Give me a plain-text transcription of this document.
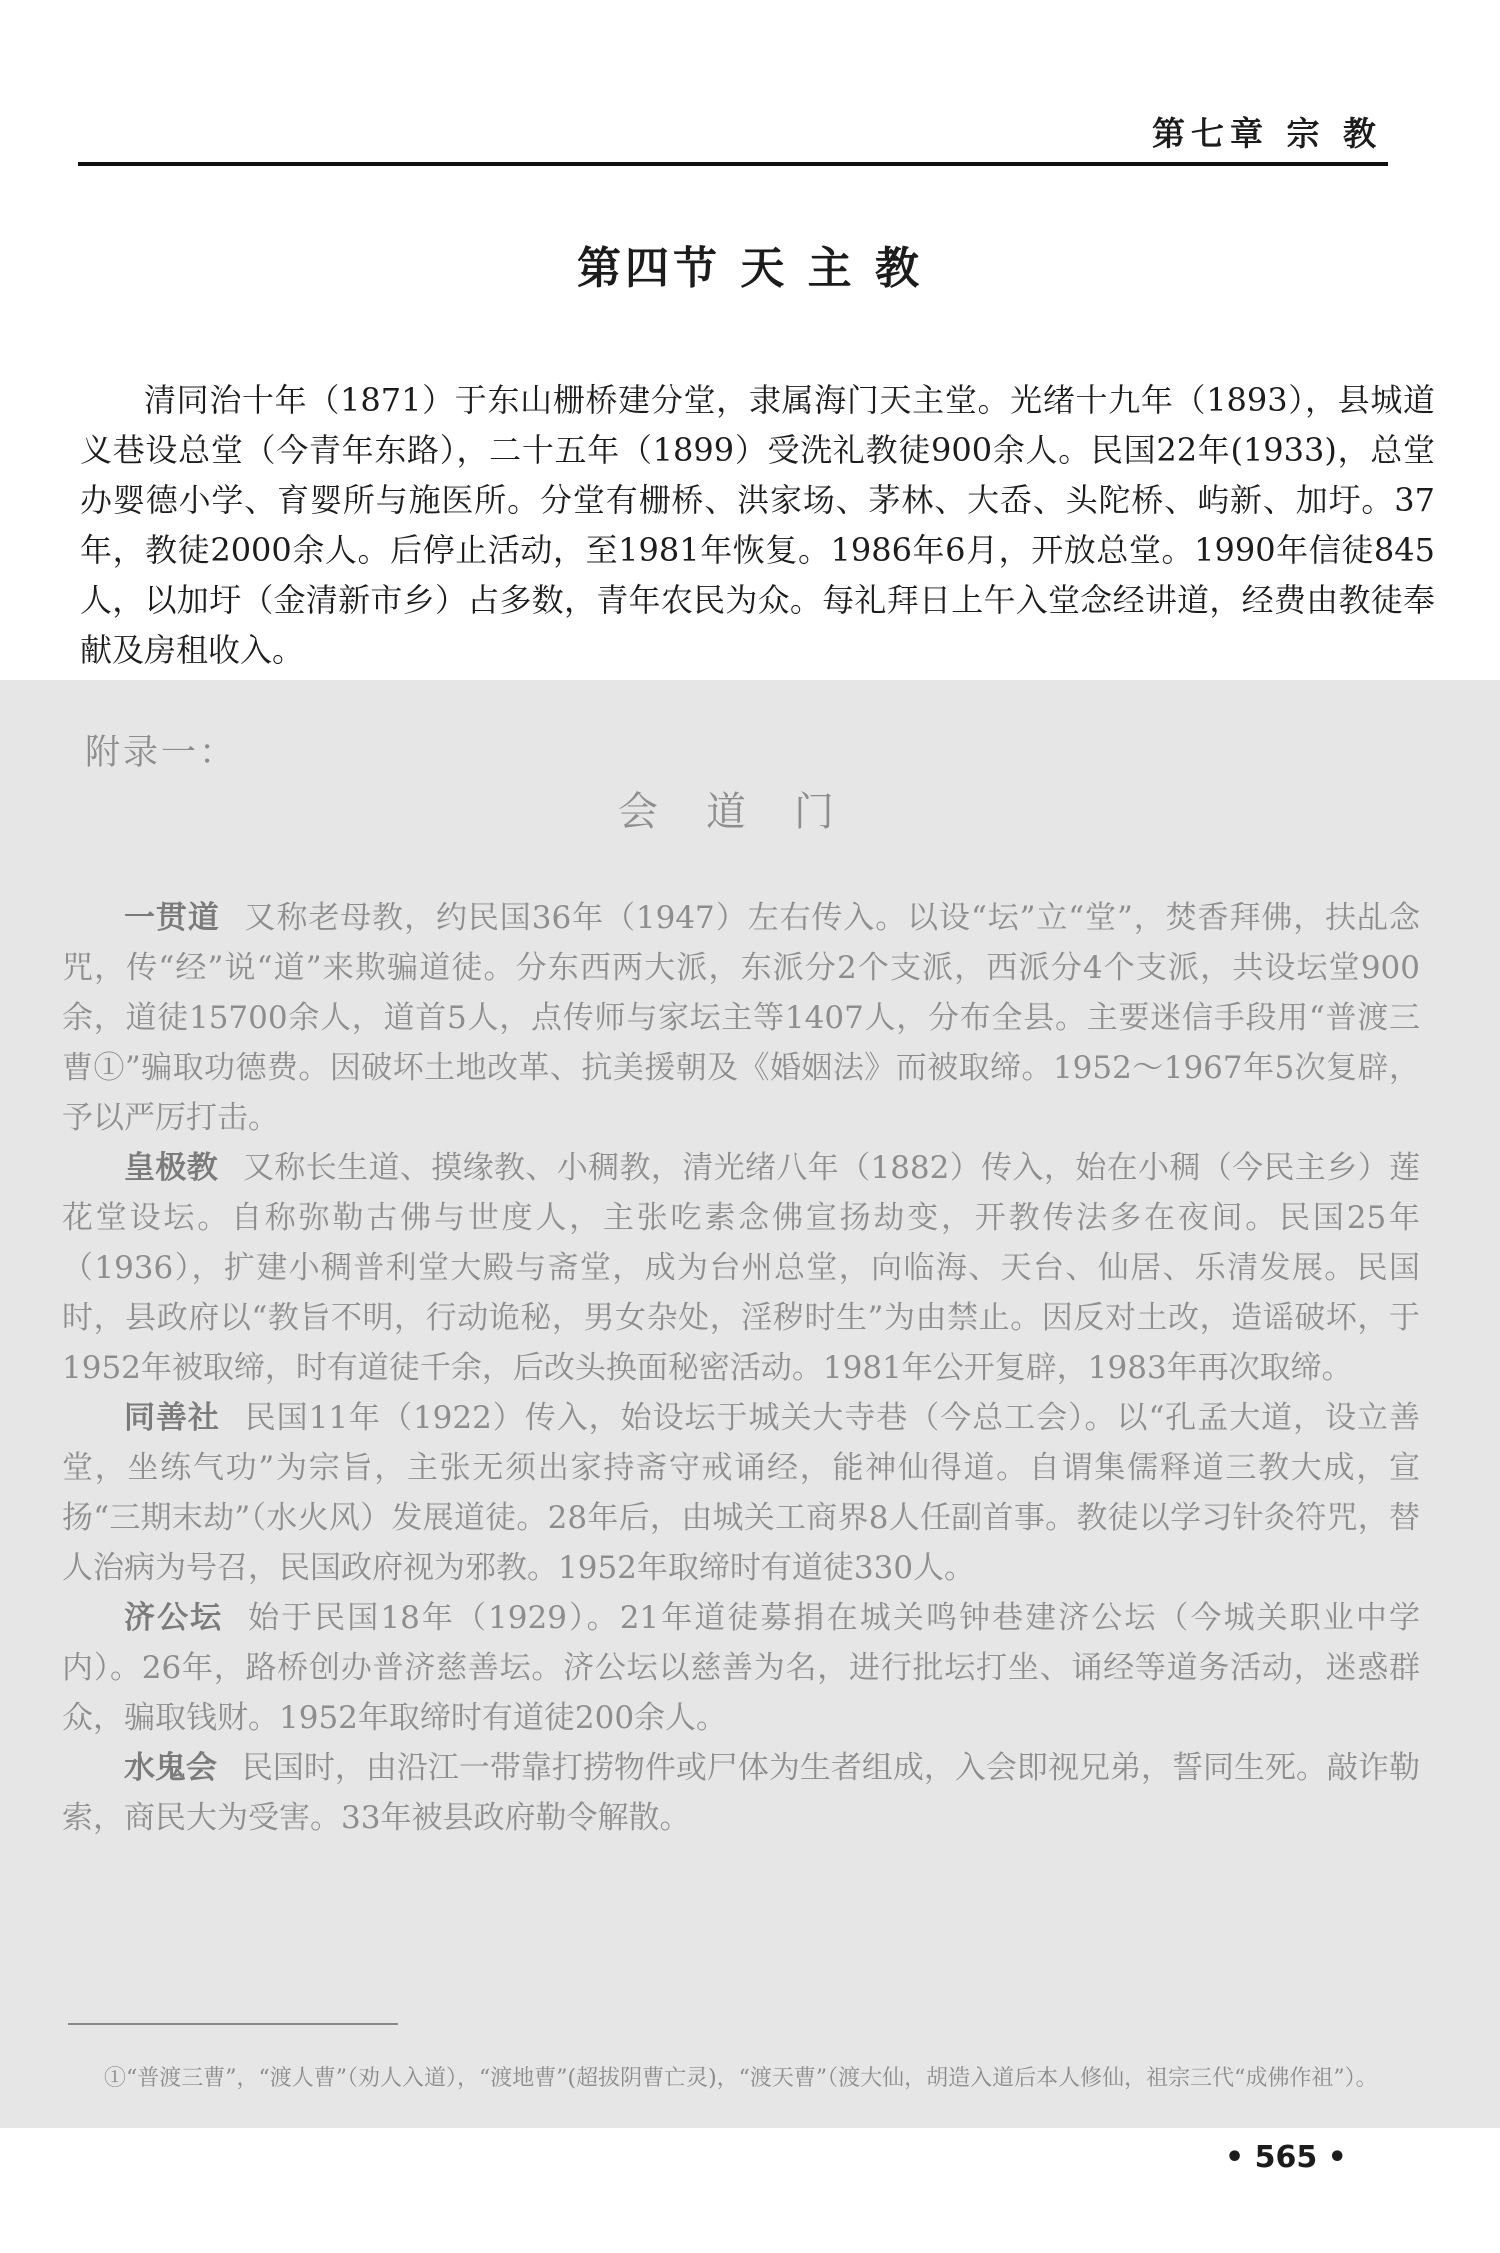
第七章 宗 教
第四节 天 主 教

清同治十年（1871）于东山栅桥建分堂，隶属海门天主堂。光绪十九年（1893），县城道义巷设总堂（今青年东路），二十五年（1899）受洗礼教徒900余人。民国22年(1933)，总堂办婴德小学、育婴所与施医所。分堂有栅桥、洪家场、茅林、大岙、头陀桥、屿新、加圩。37年，教徒2000余人。后停止活动，至1981年恢复。1986年6月，开放总堂。1990年信徒845人，以加圩（金清新市乡）占多数，青年农民为众。每礼拜日上午入堂念经讲道，经费由教徒奉献及房租收入。

附录一：
会道门

一贯道 又称老母教，约民国36年（1947）左右传入。以设“坛”立“堂”，焚香拜佛，扶乩念咒，传“经”说“道”来欺骗道徒。分东西两大派，东派分2个支派，西派分4个支派，共设坛堂900余，道徒15700余人，道首5人，点传师与家坛主等1407人，分布全县。主要迷信手段用“普渡三曹①”骗取功德费。因破坏土地改革、抗美援朝及《婚姻法》而被取缔。1952～1967年5次复辟，予以严厉打击。

皇极教 又称长生道、摸缘教、小稠教，清光绪八年（1882）传入，始在小稠（今民主乡）莲花堂设坛。自称弥勒古佛与世度人，主张吃素念佛宣扬劫变，开教传法多在夜间。民国25年（1936），扩建小稠普利堂大殿与斋堂，成为台州总堂，向临海、天台、仙居、乐清发展。民国时，县政府以“教旨不明，行动诡秘，男女杂处，淫秽时生”为由禁止。因反对土改，造谣破坏，于1952年被取缔，时有道徒千余，后改头换面秘密活动。1981年公开复辟，1983年再次取缔。

同善社 民国11年（1922）传入，始设坛于城关大寺巷（今总工会）。以“孔孟大道，设立善堂，坐练气功”为宗旨，主张无须出家持斋守戒诵经，能神仙得道。自谓集儒释道三教大成，宣扬“三期末劫”（水火风）发展道徒。28年后，由城关工商界8人任副首事。教徒以学习针灸符咒，替人治病为号召，民国政府视为邪教。1952年取缔时有道徒330人。

济公坛 始于民国18年（1929）。21年道徒募捐在城关鸣钟巷建济公坛（今城关职业中学内）。26年，路桥创办普济慈善坛。济公坛以慈善为名，进行批坛打坐、诵经等道务活动，迷惑群众，骗取钱财。1952年取缔时有道徒200余人。

水鬼会 民国时，由沿江一带靠打捞物件或尸体为生者组成，入会即视兄弟，誓同生死。敲诈勒索，商民大为受害。33年被县政府勒令解散。

①“普渡三曹”，“渡人曹”（劝人入道），“渡地曹”(超拔阴曹亡灵)，“渡天曹”（渡大仙，胡造入道后本人修仙，祖宗三代“成佛作祖”）。

• 565 •
